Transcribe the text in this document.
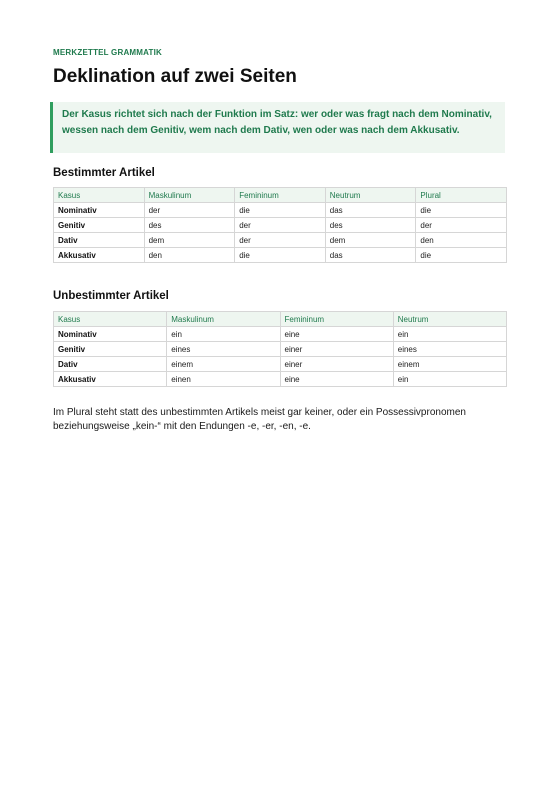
MERKZETTEL GRAMMATIK
Deklination auf zwei Seiten
Der Kasus richtet sich nach der Funktion im Satz: wer oder was fragt nach dem Nominativ, wessen nach dem Genitiv, wem nach dem Dativ, wen oder was nach dem Akkusativ.
Bestimmter Artikel
Kasus	Maskulinum	Femininum	Neutrum	Plural
Nominativ	der	die	das	die
Genitiv	des	der	des	der
Dativ	dem	der	dem	den
Akkusativ	den	die	das	die
Unbestimmter Artikel
Kasus	Maskulinum	Femininum	Neutrum
Nominativ	ein	eine	ein
Genitiv	eines	einer	eines
Dativ	einem	einer	einem
Akkusativ	einen	eine	ein

Im Plural steht statt des unbestimmten Artikels meist gar keiner, oder ein Possessivpronomen beziehungsweise „kein-“ mit den Endungen -e, -er, -en, -e.
